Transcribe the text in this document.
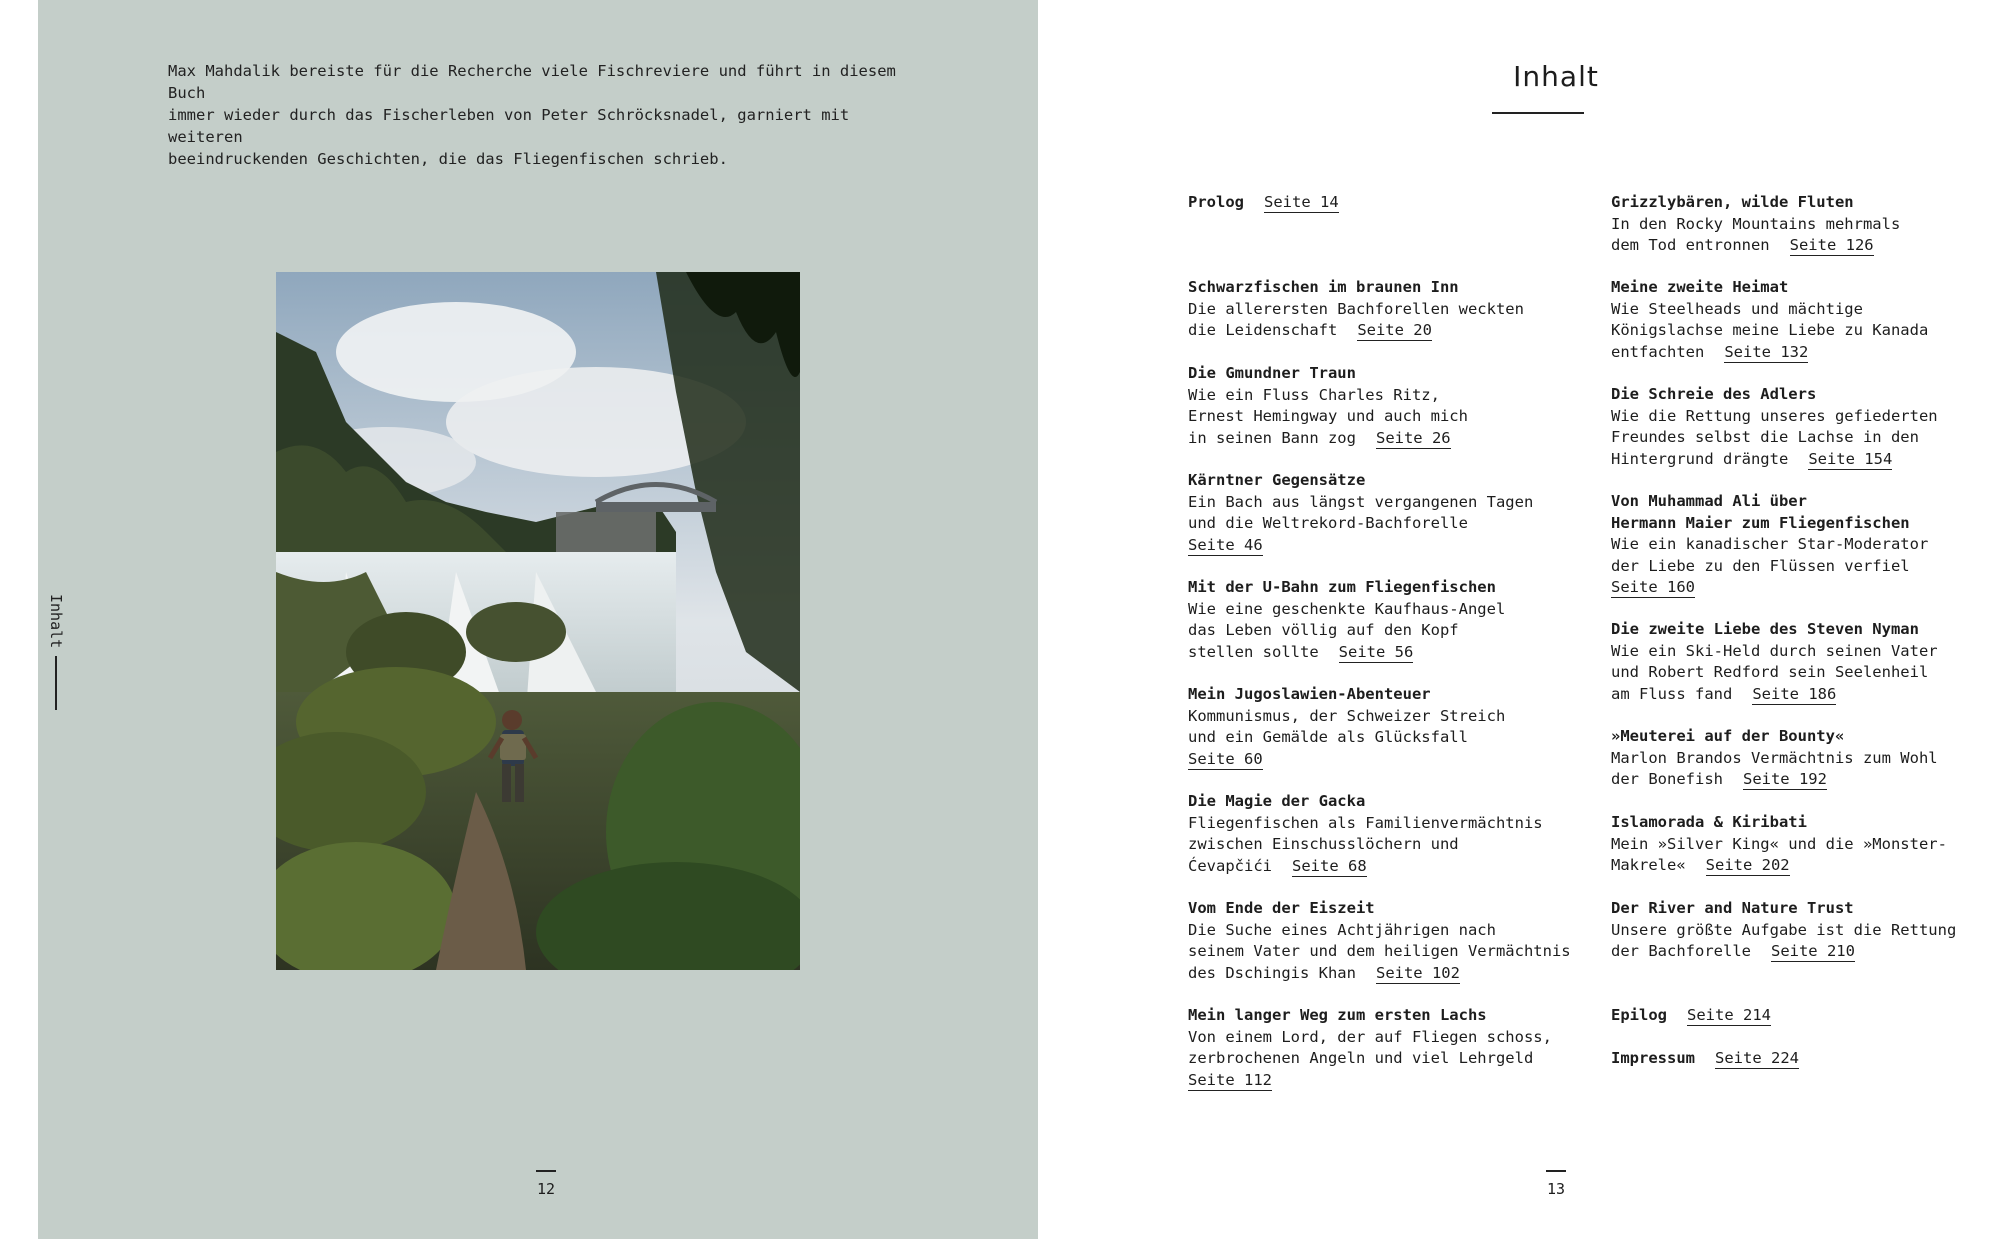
Max Mahdalik bereiste für die Recherche viele Fischreviere und führt in diesem Buch
immer wieder durch das Fischerleben von Peter Schröcksnadel, garniert mit weiteren
beeindruckenden Geschichten, die das Fliegenfischen schrieb.
Inhalt
12
Inhalt
Prolog Seite 14
Schwarzfischen im braunen Inn
Die allerersten Bachforellen weckten
die Leidenschaft Seite 20
Die Gmundner Traun
Wie ein Fluss Charles Ritz,
Ernest Hemingway und auch mich
in seinen Bann zog Seite 26
Kärntner Gegensätze
Ein Bach aus längst vergangenen Tagen
und die Weltrekord-Bachforelle
Seite 46
Mit der U-Bahn zum Fliegenfischen
Wie eine geschenkte Kaufhaus-Angel
das Leben völlig auf den Kopf
stellen sollte Seite 56
Mein Jugoslawien-Abenteuer
Kommunismus, der Schweizer Streich
und ein Gemälde als Glücksfall
Seite 60
Die Magie der Gacka
Fliegenfischen als Familienvermächtnis
zwischen Einschusslöchern und
Ćevapčići Seite 68
Vom Ende der Eiszeit
Die Suche eines Achtjährigen nach
seinem Vater und dem heiligen Vermächtnis
des Dschingis Khan Seite 102
Mein langer Weg zum ersten Lachs
Von einem Lord, der auf Fliegen schoss,
zerbrochenen Angeln und viel Lehrgeld
Seite 112
Grizzlybären, wilde Fluten
In den Rocky Mountains mehrmals
dem Tod entronnen Seite 126
Meine zweite Heimat
Wie Steelheads und mächtige
Königslachse meine Liebe zu Kanada
entfachten Seite 132
Die Schreie des Adlers
Wie die Rettung unseres gefiederten
Freundes selbst die Lachse in den
Hintergrund drängte Seite 154
Von Muhammad Ali über
Hermann Maier zum Fliegenfischen
Wie ein kanadischer Star-Moderator
der Liebe zu den Flüssen verfiel
Seite 160
Die zweite Liebe des Steven Nyman
Wie ein Ski-Held durch seinen Vater
und Robert Redford sein Seelenheil
am Fluss fand Seite 186
»Meuterei auf der Bounty«
Marlon Brandos Vermächtnis zum Wohl
der Bonefish Seite 192
Islamorada & Kiribati
Mein »Silver King« und die »Monster-
Makrele« Seite 202
Der River and Nature Trust
Unsere größte Aufgabe ist die Rettung
der Bachforelle Seite 210
Epilog Seite 214
Impressum Seite 224
13
